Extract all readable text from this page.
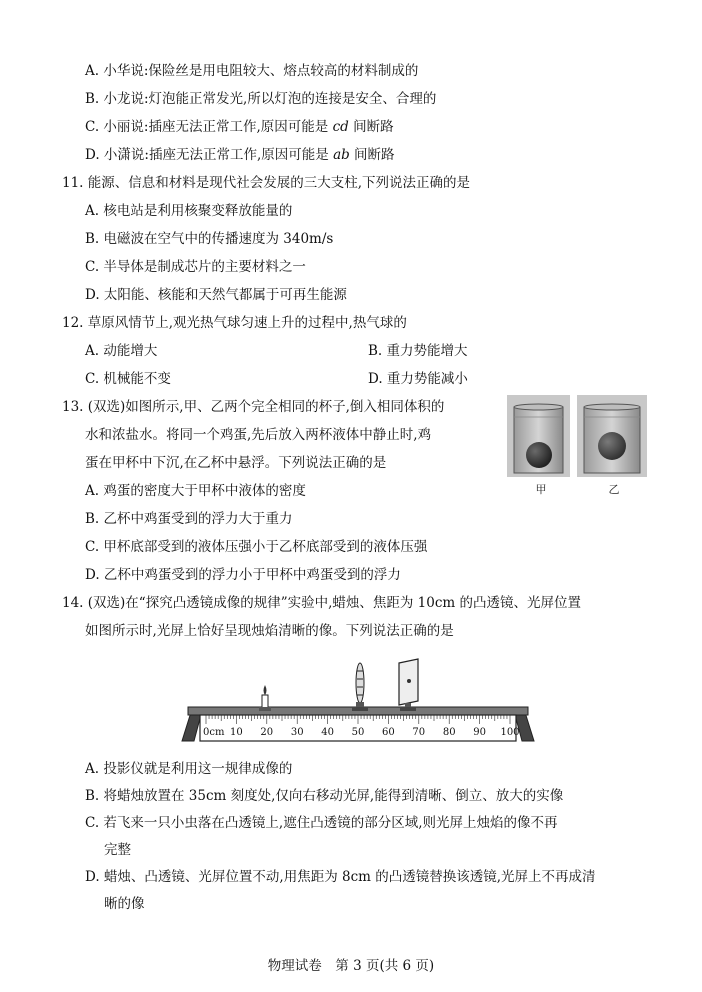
A. 小华说:保险丝是用电阻较大、熔点较高的材料制成的
B. 小龙说:灯泡能正常发光,所以灯泡的连接是安全、合理的
C. 小丽说:插座无法正常工作,原因可能是 cd 间断路
D. 小潇说:插座无法正常工作,原因可能是 ab 间断路
11. 能源、信息和材料是现代社会发展的三大支柱,下列说法正确的是
A. 核电站是利用核聚变释放能量的
B. 电磁波在空气中的传播速度为 340m/s
C. 半导体是制成芯片的主要材料之一
D. 太阳能、核能和天然气都属于可再生能源
12. 草原风情节上,观光热气球匀速上升的过程中,热气球的
A. 动能增大	B. 重力势能增大
C. 机械能不变	D. 重力势能减小
13. (双选)如图所示,甲、乙两个完全相同的杯子,倒入相同体积的
水和浓盐水。将同一个鸡蛋,先后放入两杯液体中静止时,鸡
蛋在甲杯中下沉,在乙杯中悬浮。下列说法正确的是
A. 鸡蛋的密度大于甲杯中液体的密度
B. 乙杯中鸡蛋受到的浮力大于重力
C. 甲杯底部受到的液体压强小于乙杯底部受到的液体压强
D. 乙杯中鸡蛋受到的浮力小于甲杯中鸡蛋受到的浮力
甲	乙
14. (双选)在“探究凸透镜成像的规律”实验中,蜡烛、焦距为 10cm 的凸透镜、光屏位置
如图所示时,光屏上恰好呈现烛焰清晰的像。下列说法正确的是
0cm 10 20 30 40 50 60 70 80 90 100
A. 投影仪就是利用这一规律成像的
B. 将蜡烛放置在 35cm 刻度处,仅向右移动光屏,能得到清晰、倒立、放大的实像
C. 若飞来一只小虫落在凸透镜上,遮住凸透镜的部分区域,则光屏上烛焰的像不再
完整
D. 蜡烛、凸透镜、光屏位置不动,用焦距为 8cm 的凸透镜替换该透镜,光屏上不再成清
晰的像
物理试卷　第 3 页(共 6 页)
